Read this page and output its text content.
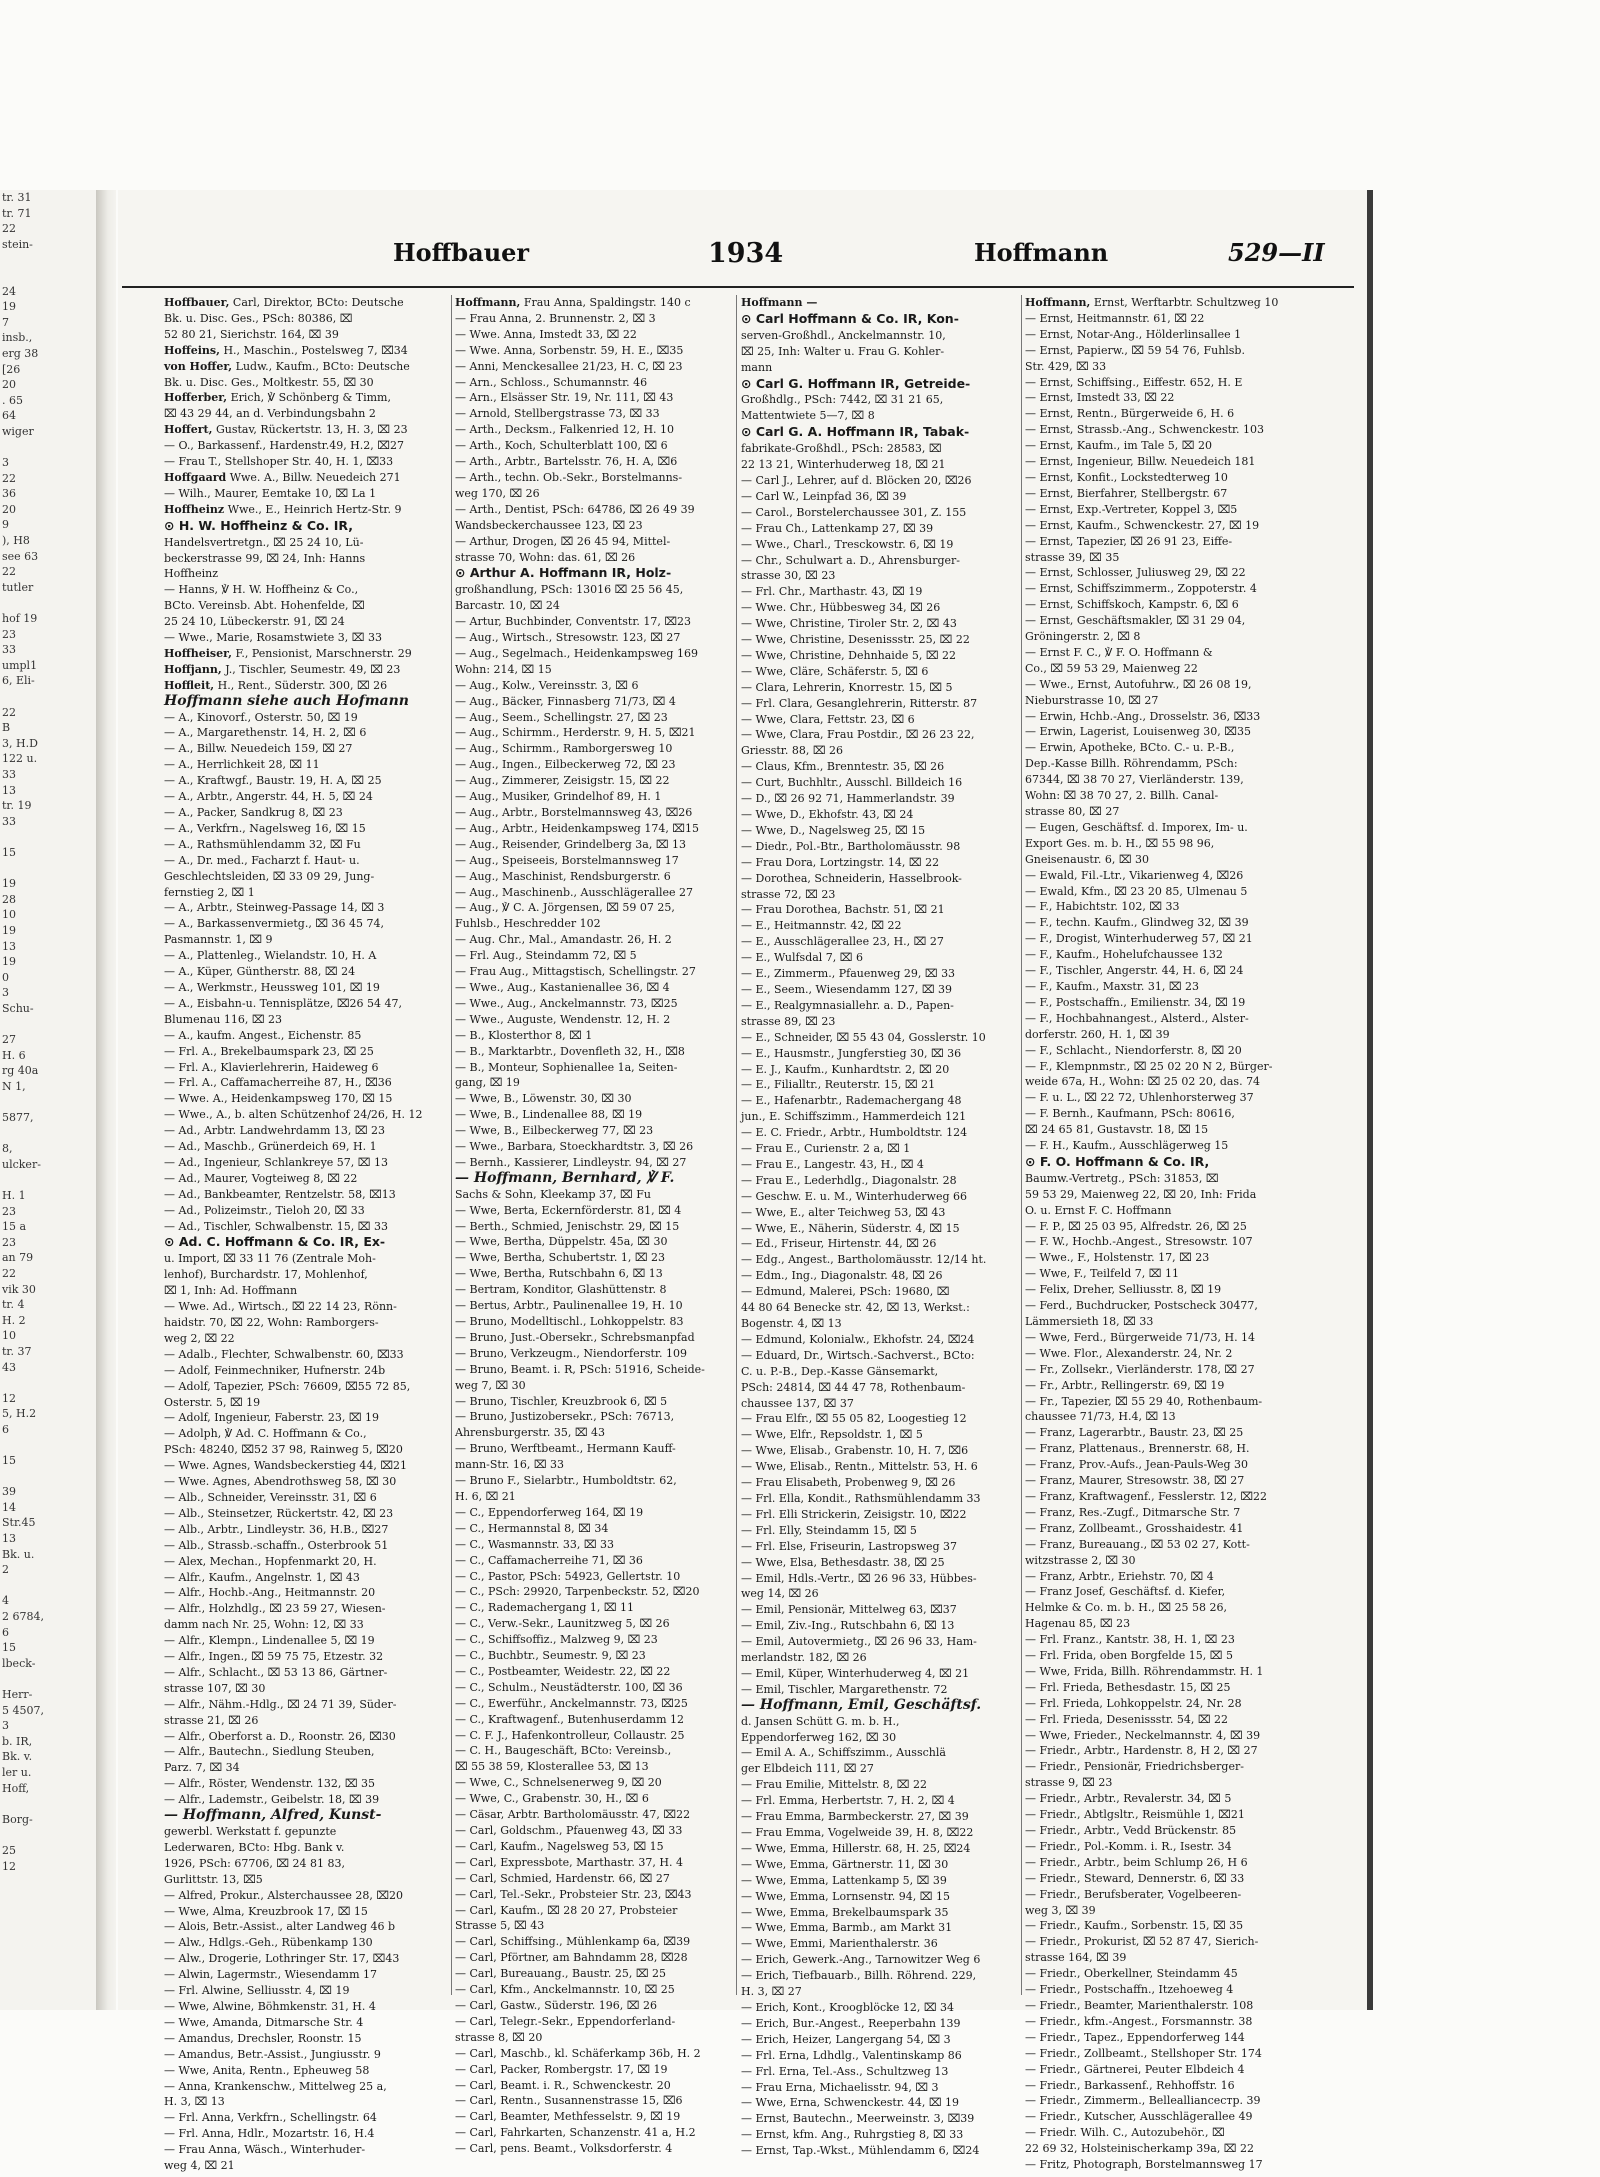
tr. 31
tr. 71
22
stein-

24
19
7
insb.,
erg 38
[26
20
. 65
64
wiger

3
22
36
20
9
), H8
see 63
22
tutler

hof 19
23
33
umpl1
6, Eli-

22
B
3, H.D
122 u.
33
13
tr. 19
33

15

19
28
10
19
13
19
0
3
Schu-

27
H. 6
rg 40a
N 1,

5877,

8,
ulcker-

H. 1
23
15 a
23
an 79
22
vik 30
tr. 4
H. 2
10
tr. 37
43

12
5, H.2
6

15

39
14
Str.45
13
Bk. u.
2

4
2 6784,
6
15
lbeck-

Herr-
5 4507,
3
b. IR,
Bk. v.
ler u.
Hoff,

Borg-

25
12
Hoffbauer	1934	Hoffmann	529—II
Hoffbauer, Carl, Direktor, BCto: Deutsche
Bk. u. Disc. Ges., PSch: 80386, ⌧
52 80 21, Sierichstr. 164, ⌧ 39
Hoffeins, H., Maschin., Postelsweg 7, ⌧34
von Hoffer, Ludw., Kaufm., BCto: Deutsche
Bk. u. Disc. Ges., Moltkestr. 55, ⌧ 30
Hofferber, Erich, ℣ Schönberg & Timm,
⌧ 43 29 44, an d. Verbindungsbahn 2
Hoffert, Gustav, Rückertstr. 13, H. 3, ⌧ 23
— O., Barkassenf., Hardenstr.49, H.2, ⌧27
— Frau T., Stellshoper Str. 40, H. 1, ⌧33
Hoffgaard Wwe. A., Billw. Neuedeich 271
— Wilh., Maurer, Eemtake 10, ⌧ La 1
Hoffheinz Wwe., E., Heinrich Hertz-Str. 9
⊙ H. W. Hoffheinz & Co. IR,
Handelsvertretgn., ⌧ 25 24 10, Lü-
beckerstrasse 99, ⌧ 24, Inh: Hanns
Hoffheinz
— Hanns, ℣ H. W. Hoffheinz & Co.,
BCto. Vereinsb. Abt. Hohenfelde, ⌧
25 24 10, Lübeckerstr. 91, ⌧ 24
— Wwe., Marie, Rosamstwiete 3, ⌧ 33
Hoffheiser, F., Pensionist, Marschnerstr. 29
Hoffjann, J., Tischler, Seumestr. 49, ⌧ 23
Hoffleit, H., Rent., Süderstr. 300, ⌧ 26
Hoffmann siehe auch Hofmann
— A., Kinovorf., Osterstr. 50, ⌧ 19
— A., Margarethenstr. 14, H. 2, ⌧ 6
— A., Billw. Neuedeich 159, ⌧ 27
— A., Herrlichkeit 28, ⌧ 11
— A., Kraftwgf., Baustr. 19, H. A, ⌧ 25
— A., Arbtr., Angerstr. 44, H. 5, ⌧ 24
— A., Packer, Sandkrug 8, ⌧ 23
— A., Verkfrn., Nagelsweg 16, ⌧ 15
— A., Rathsmühlendamm 32, ⌧ Fu
— A., Dr. med., Facharzt f. Haut- u.
Geschlechtsleiden, ⌧ 33 09 29, Jung-
fernstieg 2, ⌧ 1
— A., Arbtr., Steinweg-Passage 14, ⌧ 3
— A., Barkassenvermietg., ⌧ 36 45 74,
Pasmannstr. 1, ⌧ 9
— A., Plattenleg., Wielandstr. 10, H. A
— A., Küper, Güntherstr. 88, ⌧ 24
— A., Werkmstr., Heussweg 101, ⌧ 19
— A., Eisbahn-u. Tennisplätze, ⌧26 54 47,
Blumenau 116, ⌧ 23
— A., kaufm. Angest., Eichenstr. 85
— Frl. A., Brekelbaumspark 23, ⌧ 25
— Frl. A., Klavierlehrerin, Haideweg 6
— Frl. A., Caffamacherreihe 87, H., ⌧36
— Wwe. A., Heidenkampsweg 170, ⌧ 15
— Wwe., A., b. alten Schützenhof 24/26, H. 12
— Ad., Arbtr. Landwehrdamm 13, ⌧ 23
— Ad., Maschb., Grünerdeich 69, H. 1
— Ad., Ingenieur, Schlankreye 57, ⌧ 13
— Ad., Maurer, Vogteiweg 8, ⌧ 22
— Ad., Bankbeamter, Rentzelstr. 58, ⌧13
— Ad., Polizeimstr., Tieloh 20, ⌧ 33
— Ad., Tischler, Schwalbenstr. 15, ⌧ 33
⊙ Ad. C. Hoffmann & Co. IR, Ex-
u. Import, ⌧ 33 11 76 (Zentrale Moh-
lenhof), Burchardstr. 17, Mohlenhof,
⌧ 1, Inh: Ad. Hoffmann
— Wwe. Ad., Wirtsch., ⌧ 22 14 23, Rönn-
haidstr. 70, ⌧ 22, Wohn: Ramborgers-
weg 2, ⌧ 22
— Adalb., Flechter, Schwalbenstr. 60, ⌧33
— Adolf, Feinmechniker, Hufnerstr. 24b
— Adolf, Tapezier, PSch: 76609, ⌧55 72 85,
Osterstr. 5, ⌧ 19
— Adolf, Ingenieur, Faberstr. 23, ⌧ 19
— Adolph, ℣ Ad. C. Hoffmann & Co.,
PSch: 48240, ⌧52 37 98, Rainweg 5, ⌧20
— Wwe. Agnes, Wandsbeckerstieg 44, ⌧21
— Wwe. Agnes, Abendrothsweg 58, ⌧ 30
— Alb., Schneider, Vereinsstr. 31, ⌧ 6
— Alb., Steinsetzer, Rückertstr. 42, ⌧ 23
— Alb., Arbtr., Lindleystr. 36, H.B., ⌧27
— Alb., Strassb.-schaffn., Osterbrook 51
— Alex, Mechan., Hopfenmarkt 20, H.
— Alfr., Kaufm., Angelnstr. 1, ⌧ 43
— Alfr., Hochb.-Ang., Heitmannstr. 20
— Alfr., Holzhdlg., ⌧ 23 59 27, Wiesen-
damm nach Nr. 25, Wohn: 12, ⌧ 33
— Alfr., Klempn., Lindenallee 5, ⌧ 19
— Alfr., Ingen., ⌧ 59 75 75, Etzestr. 32
— Alfr., Schlacht., ⌧ 53 13 86, Gärtner-
strasse 107, ⌧ 30
— Alfr., Nähm.-Hdlg., ⌧ 24 71 39, Süder-
strasse 21, ⌧ 26
— Alfr., Oberforst a. D., Roonstr. 26, ⌧30
— Alfr., Bautechn., Siedlung Steuben,
Parz. 7, ⌧ 34
— Alfr., Röster, Wendenstr. 132, ⌧ 35
— Alfr., Lademstr., Geibelstr. 18, ⌧ 39
— Hoffmann, Alfred, Kunst-
gewerbl. Werkstatt f. gepunzte
Lederwaren, BCto: Hbg. Bank v.
1926, PSch: 67706, ⌧ 24 81 83,
Gurlittstr. 13, ⌧5
— Alfred, Prokur., Alsterchaussee 28, ⌧20
— Wwe, Alma, Kreuzbrook 17, ⌧ 15
— Alois, Betr.-Assist., alter Landweg 46 b
— Alw., Hdlgs.-Geh., Rübenkamp 130
— Alw., Drogerie, Lothringer Str. 17, ⌧43
— Alwin, Lagermstr., Wiesendamm 17
— Frl. Alwine, Selliusstr. 4, ⌧ 19
— Wwe, Alwine, Böhmkenstr. 31, H. 4
— Wwe, Amanda, Ditmarsche Str. 4
— Amandus, Drechsler, Roonstr. 15
— Amandus, Betr.-Assist., Jungiusstr. 9
— Wwe, Anita, Rentn., Epheuweg 58
— Anna, Krankenschw., Mittelweg 25 a,
H. 3, ⌧ 13
— Frl. Anna, Verkfrn., Schellingstr. 64
— Frl. Anna, Hdlr., Mozartstr. 16, H.4
— Frau Anna, Wäsch., Winterhuder-
weg 4, ⌧ 21
Hoffmann, Frau Anna, Spaldingstr. 140 c
— Frau Anna, 2. Brunnenstr. 2, ⌧ 3
— Wwe. Anna, Imstedt 33, ⌧ 22
— Wwe. Anna, Sorbenstr. 59, H. E., ⌧35
— Anni, Menckesallee 21/23, H. C, ⌧ 23
— Arn., Schloss., Schumannstr. 46
— Arn., Elsässer Str. 19, Nr. 111, ⌧ 43
— Arnold, Stellbergstrasse 73, ⌧ 33
— Arth., Decksm., Falkenried 12, H. 10
— Arth., Koch, Schulterblatt 100, ⌧ 6
— Arth., Arbtr., Bartelsstr. 76, H. A, ⌧6
— Arth., techn. Ob.-Sekr., Borstelmanns-
weg 170, ⌧ 26
— Arth., Dentist, PSch: 64786, ⌧ 26 49 39
Wandsbeckerchaussee 123, ⌧ 23
— Arthur, Drogen, ⌧ 26 45 94, Mittel-
strasse 70, Wohn: das. 61, ⌧ 26
⊙ Arthur A. Hoffmann IR, Holz-
großhandlung, PSch: 13016 ⌧ 25 56 45,
Barcastr. 10, ⌧ 24
— Artur, Buchbinder, Conventstr. 17, ⌧23
— Aug., Wirtsch., Stresowstr. 123, ⌧ 27
— Aug., Segelmach., Heidenkampsweg 169
Wohn: 214, ⌧ 15
— Aug., Kolw., Vereinsstr. 3, ⌧ 6
— Aug., Bäcker, Finnasberg 71/73, ⌧ 4
— Aug., Seem., Schellingstr. 27, ⌧ 23
— Aug., Schirmm., Herderstr. 9, H. 5, ⌧21
— Aug., Schirmm., Ramborgersweg 10
— Aug., Ingen., Eilbeckerweg 72, ⌧ 23
— Aug., Zimmerer, Zeisigstr. 15, ⌧ 22
— Aug., Musiker, Grindelhof 89, H. 1
— Aug., Arbtr., Borstelmannsweg 43, ⌧26
— Aug., Arbtr., Heidenkampsweg 174, ⌧15
— Aug., Reisender, Grindelberg 3a, ⌧ 13
— Aug., Speiseeis, Borstelmannsweg 17
— Aug., Maschinist, Rendsburgerstr. 6
— Aug., Maschinenb., Ausschlägerallee 27
— Aug., ℣ C. A. Jörgensen, ⌧ 59 07 25,
Fuhlsb., Heschredder 102
— Aug. Chr., Mal., Amandastr. 26, H. 2
— Frl. Aug., Steindamm 72, ⌧ 5
— Frau Aug., Mittagstisch, Schellingstr. 27
— Wwe., Aug., Kastanienallee 36, ⌧ 4
— Wwe., Aug., Anckelmannstr. 73, ⌧25
— Wwe., Auguste, Wendenstr. 12, H. 2
— B., Klosterthor 8, ⌧ 1
— B., Marktarbtr., Dovenfleth 32, H., ⌧8
— B., Monteur, Sophienallee 1a, Seiten-
gang, ⌧ 19
— Wwe, B., Löwenstr. 30, ⌧ 30
— Wwe, B., Lindenallee 88, ⌧ 19
— Wwe, B., Eilbeckerweg 77, ⌧ 23
— Wwe., Barbara, Stoeckhardtstr. 3, ⌧ 26
— Bernh., Kassierer, Lindleystr. 94, ⌧ 27
— Hoffmann, Bernhard, ℣ F.
Sachs & Sohn, Kleekamp 37, ⌧ Fu
— Wwe, Berta, Eckernförderstr. 81, ⌧ 4
— Berth., Schmied, Jenischstr. 29, ⌧ 15
— Wwe, Bertha, Düppelstr. 45a, ⌧ 30
— Wwe, Bertha, Schubertstr. 1, ⌧ 23
— Wwe, Bertha, Rutschbahn 6, ⌧ 13
— Bertram, Konditor, Glashüttenstr. 8
— Bertus, Arbtr., Paulinenallee 19, H. 10
— Bruno, Modelltischl., Lohkoppelstr. 83
— Bruno, Just.-Obersekr., Schrebsmanpfad
— Bruno, Verkzeugm., Niendorferstr. 109
— Bruno, Beamt. i. R, PSch: 51916, Scheide-
weg 7, ⌧ 30
— Bruno, Tischler, Kreuzbrook 6, ⌧ 5
— Bruno, Justizobersekr., PSch: 76713,
Ahrensburgerstr. 35, ⌧ 43
— Bruno, Werftbeamt., Hermann Kauff-
mann-Str. 16, ⌧ 33
— Bruno F., Sielarbtr., Humboldtstr. 62,
H. 6, ⌧ 21
— C., Eppendorferweg 164, ⌧ 19
— C., Hermannstal 8, ⌧ 34
— C., Wasmannstr. 33, ⌧ 33
— C., Caffamacherreihe 71, ⌧ 36
— C., Pastor, PSch: 54923, Gellertstr. 10
— C., PSch: 29920, Tarpenbeckstr. 52, ⌧20
— C., Rademachergang 1, ⌧ 11
— C., Verw.-Sekr., Launitzweg 5, ⌧ 26
— C., Schiffsoffiz., Malzweg 9, ⌧ 23
— C., Buchbtr., Seumestr. 9, ⌧ 23
— C., Postbeamter, Weidestr. 22, ⌧ 22
— C., Schulm., Neustädterstr. 100, ⌧ 36
— C., Ewerführ., Anckelmannstr. 73, ⌧25
— C., Kraftwagenf., Butenhuserdamm 12
— C. F. J., Hafenkontrolleur, Collaustr. 25
— C. H., Baugeschäft, BCto: Vereinsb.,
⌧ 55 38 59, Klosterallee 53, ⌧ 13
— Wwe, C., Schnelsenerweg 9, ⌧ 20
— Wwe, C., Grabenstr. 30, H., ⌧ 6
— Cäsar, Arbtr. Bartholomäusstr. 47, ⌧22
— Carl, Goldschm., Pfauenweg 43, ⌧ 33
— Carl, Kaufm., Nagelsweg 53, ⌧ 15
— Carl, Expressbote, Marthastr. 37, H. 4
— Carl, Schmied, Hardenstr. 66, ⌧ 27
— Carl, Tel.-Sekr., Probsteier Str. 23, ⌧43
— Carl, Kaufm., ⌧ 28 20 27, Probsteier
Strasse 5, ⌧ 43
— Carl, Schiffsing., Mühlenkamp 6a, ⌧39
— Carl, Pförtner, am Bahndamm 28, ⌧28
— Carl, Bureauang., Baustr. 25, ⌧ 25
— Carl, Kfm., Anckelmannstr. 10, ⌧ 25
— Carl, Gastw., Süderstr. 196, ⌧ 26
— Carl, Telegr.-Sekr., Eppendorferland-
strasse 8, ⌧ 20
— Carl, Maschb., kl. Schäferkamp 36b, H. 2
— Carl, Packer, Rombergstr. 17, ⌧ 19
— Carl, Beamt. i. R., Schwenckestr. 20
— Carl, Rentn., Susannenstrasse 15, ⌧6
— Carl, Beamter, Methfesselstr. 9, ⌧ 19
— Carl, Fahrkarten, Schanzenstr. 41 a, H.2
— Carl, pens. Beamt., Volksdorferstr. 4
Hoffmann —
⊙ Carl Hoffmann & Co. IR, Kon-
serven-Großhdl., Anckelmannstr. 10,
⌧ 25, Inh: Walter u. Frau G. Kohler-
mann
⊙ Carl G. Hoffmann IR, Getreide-
Großhdlg., PSch: 7442, ⌧ 31 21 65,
Mattentwiete 5—7, ⌧ 8
⊙ Carl G. A. Hoffmann IR, Tabak-
fabrikate-Großhdl., PSch: 28583, ⌧
22 13 21, Winterhuderweg 18, ⌧ 21
— Carl J., Lehrer, auf d. Blöcken 20, ⌧26
— Carl W., Leinpfad 36, ⌧ 39
— Carol., Borstelerchaussee 301, Z. 155
— Frau Ch., Lattenkamp 27, ⌧ 39
— Wwe., Charl., Tresckowstr. 6, ⌧ 19
— Chr., Schulwart a. D., Ahrensburger-
strasse 30, ⌧ 23
— Frl. Chr., Marthastr. 43, ⌧ 19
— Wwe. Chr., Hübbesweg 34, ⌧ 26
— Wwe, Christine, Tiroler Str. 2, ⌧ 43
— Wwe, Christine, Desenissstr. 25, ⌧ 22
— Wwe, Christine, Dehnhaide 5, ⌧ 22
— Wwe, Cläre, Schäferstr. 5, ⌧ 6
— Clara, Lehrerin, Knorrestr. 15, ⌧ 5
— Frl. Clara, Gesanglehrerin, Ritterstr. 87
— Wwe, Clara, Fettstr. 23, ⌧ 6
— Wwe, Clara, Frau Postdir., ⌧ 26 23 22,
Griesstr. 88, ⌧ 26
— Claus, Kfm., Brenntestr. 35, ⌧ 26
— Curt, Buchhltr., Ausschl. Billdeich 16
— D., ⌧ 26 92 71, Hammerlandstr. 39
— Wwe, D., Ekhofstr. 43, ⌧ 24
— Wwe, D., Nagelsweg 25, ⌧ 15
— Diedr., Pol.-Btr., Bartholomäusstr. 98
— Frau Dora, Lortzingstr. 14, ⌧ 22
— Dorothea, Schneiderin, Hasselbrook-
strasse 72, ⌧ 23
— Frau Dorothea, Bachstr. 51, ⌧ 21
— E., Heitmannstr. 42, ⌧ 22
— E., Ausschlägerallee 23, H., ⌧ 27
— E., Wulfsdal 7, ⌧ 6
— E., Zimmerm., Pfauenweg 29, ⌧ 33
— E., Seem., Wiesendamm 127, ⌧ 39
— E., Realgymnasiallehr. a. D., Papen-
strasse 89, ⌧ 23
— E., Schneider, ⌧ 55 43 04, Gosslerstr. 10
— E., Hausmstr., Jungferstieg 30, ⌧ 36
— E. J., Kaufm., Kunhardtstr. 2, ⌧ 20
— E., Filialltr., Reuterstr. 15, ⌧ 21
— E., Hafenarbtr., Rademachergang 48
jun., E. Schiffszimm., Hammerdeich 121
— E. C. Friedr., Arbtr., Humboldtstr. 124
— Frau E., Curienstr. 2 a, ⌧ 1
— Frau E., Langestr. 43, H., ⌧ 4
— Frau E., Lederhdlg., Diagonalstr. 28
— Geschw. E. u. M., Winterhuderweg 66
— Wwe, E., alter Teichweg 53, ⌧ 43
— Wwe, E., Näherin, Süderstr. 4, ⌧ 15
— Ed., Friseur, Hirtenstr. 44, ⌧ 26
— Edg., Angest., Bartholomäusstr. 12/14 ht.
— Edm., Ing., Diagonalstr. 48, ⌧ 26
— Edmund, Malerei, PSch: 19680, ⌧
44 80 64 Benecke str. 42, ⌧ 13, Werkst.:
Bogenstr. 4, ⌧ 13
— Edmund, Kolonialw., Ekhofstr. 24, ⌧24
— Eduard, Dr., Wirtsch.-Sachverst., BCto:
C. u. P.-B., Dep.-Kasse Gänsemarkt,
PSch: 24814, ⌧ 44 47 78, Rothenbaum-
chaussee 137, ⌧ 37
— Frau Elfr., ⌧ 55 05 82, Loogestieg 12
— Wwe, Elfr., Repsoldstr. 1, ⌧ 5
— Wwe, Elisab., Grabenstr. 10, H. 7, ⌧6
— Wwe, Elisab., Rentn., Mittelstr. 53, H. 6
— Frau Elisabeth, Probenweg 9, ⌧ 26
— Frl. Ella, Kondit., Rathsmühlendamm 33
— Frl. Elli Strickerin, Zeisigstr. 10, ⌧22
— Frl. Elly, Steindamm 15, ⌧ 5
— Frl. Else, Friseurin, Lastropsweg 37
— Wwe, Elsa, Bethesdastr. 38, ⌧ 25
— Emil, Hdls.-Vertr., ⌧ 26 96 33, Hübbes-
weg 14, ⌧ 26
— Emil, Pensionär, Mittelweg 63, ⌧37
— Emil, Ziv.-Ing., Rutschbahn 6, ⌧ 13
— Emil, Autovermietg., ⌧ 26 96 33, Ham-
merlandstr. 182, ⌧ 26
— Emil, Küper, Winterhuderweg 4, ⌧ 21
— Emil, Tischler, Margarethenstr. 72
— Hoffmann, Emil, Geschäftsf.
d. Jansen Schütt G. m. b. H.,
Eppendorferweg 162, ⌧ 30
— Emil A. A., Schiffszimm., Ausschlä
ger Elbdeich 111, ⌧ 27
— Frau Emilie, Mittelstr. 8, ⌧ 22
— Frl. Emma, Herbertstr. 7, H. 2, ⌧ 4
— Frau Emma, Barmbeckerstr. 27, ⌧ 39
— Frau Emma, Vogelweide 39, H. 8, ⌧22
— Wwe, Emma, Hillerstr. 68, H. 25, ⌧24
— Wwe, Emma, Gärtnerstr. 11, ⌧ 30
— Wwe, Emma, Lattenkamp 5, ⌧ 39
— Wwe, Emma, Lornsenstr. 94, ⌧ 15
— Wwe, Emma, Brekelbaumspark 35
— Wwe, Emma, Barmb., am Markt 31
— Wwe, Emmi, Marienthalerstr. 36
— Erich, Gewerk.-Ang., Tarnowitzer Weg 6
— Erich, Tiefbauarb., Billh. Röhrend. 229,
H. 3, ⌧ 27
— Erich, Kont., Kroogblöcke 12, ⌧ 34
— Erich, Bur.-Angest., Reeperbahn 139
— Erich, Heizer, Langergang 54, ⌧ 3
— Frl. Erna, Ldhdlg., Valentinskamp 86
— Frl. Erna, Tel.-Ass., Schultzweg 13
— Frau Erna, Michaelisstr. 94, ⌧ 3
— Wwe, Erna, Schwenckestr. 44, ⌧ 19
— Ernst, Bautechn., Meerweinstr. 3, ⌧39
— Ernst, kfm. Ang., Ruhrgstieg 8, ⌧ 33
— Ernst, Tap.-Wkst., Mühlendamm 6, ⌧24
Hoffmann, Ernst, Werftarbtr. Schultzweg 10
— Ernst, Heitmannstr. 61, ⌧ 22
— Ernst, Notar-Ang., Hölderlinsallee 1
— Ernst, Papierw., ⌧ 59 54 76, Fuhlsb.
Str. 429, ⌧ 33
— Ernst, Schiffsing., Eiffestr. 652, H. E
— Ernst, Imstedt 33, ⌧ 22
— Ernst, Rentn., Bürgerweide 6, H. 6
— Ernst, Strassb.-Ang., Schwenckestr. 103
— Ernst, Kaufm., im Tale 5, ⌧ 20
— Ernst, Ingenieur, Billw. Neuedeich 181
— Ernst, Konfit., Lockstedterweg 10
— Ernst, Bierfahrer, Stellbergstr. 67
— Ernst, Exp.-Vertreter, Koppel 3, ⌧5
— Ernst, Kaufm., Schwenckestr. 27, ⌧ 19
— Ernst, Tapezier, ⌧ 26 91 23, Eiffe-
strasse 39, ⌧ 35
— Ernst, Schlosser, Juliusweg 29, ⌧ 22
— Ernst, Schiffszimmerm., Zoppoterstr. 4
— Ernst, Schiffskoch, Kampstr. 6, ⌧ 6
— Ernst, Geschäftsmakler, ⌧ 31 29 04,
Gröningerstr. 2, ⌧ 8
— Ernst F. C., ℣ F. O. Hoffmann &
Co., ⌧ 59 53 29, Maienweg 22
— Wwe., Ernst, Autofuhrw., ⌧ 26 08 19,
Nieburstrasse 10, ⌧ 27
— Erwin, Hchb.-Ang., Drosselstr. 36, ⌧33
— Erwin, Lagerist, Louisenweg 30, ⌧35
— Erwin, Apotheke, BCto. C.- u. P.-B.,
Dep.-Kasse Billh. Röhrendamm, PSch:
67344, ⌧ 38 70 27, Vierländerstr. 139,
Wohn: ⌧ 38 70 27, 2. Billh. Canal-
strasse 80, ⌧ 27
— Eugen, Geschäftsf. d. Imporex, Im- u.
Export Ges. m. b. H., ⌧ 55 98 96,
Gneisenaustr. 6, ⌧ 30
— Ewald, Fil.-Ltr., Vikarienweg 4, ⌧26
— Ewald, Kfm., ⌧ 23 20 85, Ulmenau 5
— F., Habichtstr. 102, ⌧ 33
— F., techn. Kaufm., Glindweg 32, ⌧ 39
— F., Drogist, Winterhuderweg 57, ⌧ 21
— F., Kaufm., Hohelufchaussee 132
— F., Tischler, Angerstr. 44, H. 6, ⌧ 24
— F., Kaufm., Maxstr. 31, ⌧ 23
— F., Postschaffn., Emilienstr. 34, ⌧ 19
— F., Hochbahnangest., Alsterd., Alster-
dorferstr. 260, H. 1, ⌧ 39
— F., Schlacht., Niendorferstr. 8, ⌧ 20
— F., Klempnmstr., ⌧ 25 02 20 N 2, Bürger-
weide 67a, H., Wohn: ⌧ 25 02 20, das. 74
— F. u. L., ⌧ 22 72, Uhlenhorsterweg 37
— F. Bernh., Kaufmann, PSch: 80616,
⌧ 24 65 81, Gustavstr. 18, ⌧ 15
— F. H., Kaufm., Ausschlägerweg 15
⊙ F. O. Hoffmann & Co. IR,
Baumw.-Vertretg., PSch: 31853, ⌧
59 53 29, Maienweg 22, ⌧ 20, Inh: Frida
O. u. Ernst F. C. Hoffmann
— F. P., ⌧ 25 03 95, Alfredstr. 26, ⌧ 25
— F. W., Hochb.-Angest., Stresowstr. 107
— Wwe., F., Holstenstr. 17, ⌧ 23
— Wwe, F., Teilfeld 7, ⌧ 11
— Felix, Dreher, Selliusstr. 8, ⌧ 19
— Ferd., Buchdrucker, Postscheck 30477,
Lämmersieth 18, ⌧ 33
— Wwe, Ferd., Bürgerweide 71/73, H. 14
— Wwe. Flor., Alexanderstr. 24, Nr. 2
— Fr., Zollsekr., Vierländerstr. 178, ⌧ 27
— Fr., Arbtr., Rellingerstr. 69, ⌧ 19
— Fr., Tapezier, ⌧ 55 29 40, Rothenbaum-
chaussee 71/73, H.4, ⌧ 13
— Franz, Lagerarbtr., Baustr. 23, ⌧ 25
— Franz, Plattenaus., Brennerstr. 68, H.
— Franz, Prov.-Aufs., Jean-Pauls-Weg 30
— Franz, Maurer, Stresowstr. 38, ⌧ 27
— Franz, Kraftwagenf., Fesslerstr. 12, ⌧22
— Franz, Res.-Zugf., Ditmarsche Str. 7
— Franz, Zollbeamt., Grosshaidestr. 41
— Franz, Bureauang., ⌧ 53 02 27, Kott-
witzstrasse 2, ⌧ 30
— Franz, Arbtr., Eriehstr. 70, ⌧ 4
— Franz Josef, Geschäftsf. d. Kiefer,
Helmke & Co. m. b. H., ⌧ 25 58 26,
Hagenau 85, ⌧ 23
— Frl. Franz., Kantstr. 38, H. 1, ⌧ 23
— Frl. Frida, oben Borgfelde 15, ⌧ 5
— Wwe, Frida, Billh. Röhrendammstr. H. 1
— Frl. Frieda, Bethesdastr. 15, ⌧ 25
— Frl. Frieda, Lohkoppelstr. 24, Nr. 28
— Frl. Frieda, Desenissstr. 54, ⌧ 22
— Wwe, Frieder., Neckelmannstr. 4, ⌧ 39
— Friedr., Arbtr., Hardenstr. 8, H 2, ⌧ 27
— Friedr., Pensionär, Friedrichsberger-
strasse 9, ⌧ 23
— Friedr., Arbtr., Revalerstr. 34, ⌧ 5
— Friedr., Abtlgsltr., Reismühle 1, ⌧21
— Friedr., Arbtr., Vedd Brückenstr. 85
— Friedr., Pol.-Komm. i. R., Isestr. 34
— Friedr., Arbtr., beim Schlump 26, H 6
— Friedr., Steward, Dennerstr. 6, ⌧ 33
— Friedr., Berufsberater, Vogelbeeren-
weg 3, ⌧ 39
— Friedr., Kaufm., Sorbenstr. 15, ⌧ 35
— Friedr., Prokurist, ⌧ 52 87 47, Sierich-
strasse 164, ⌧ 39
— Friedr., Oberkellner, Steindamm 45
— Friedr., Postschaffn., Itzehoeweg 4
— Friedr., Beamter, Marienthalerstr. 108
— Friedr., kfm.-Angest., Forsmannstr. 38
— Friedr., Tapez., Eppendorferweg 144
— Friedr., Zollbeamt., Stellshoper Str. 174
— Friedr., Gärtnerei, Peuter Elbdeich 4
— Friedr., Barkassenf., Rehhoffstr. 16
— Friedr., Zimmerm., Belleallianceстр. 39
— Friedr., Kutscher, Ausschlägerallee 49
— Friedr. Wilh. C., Autozubehör., ⌧
22 69 32, Holsteinischerkamp 39a, ⌧ 22
— Fritz, Photograph, Borstelmannsweg 17
